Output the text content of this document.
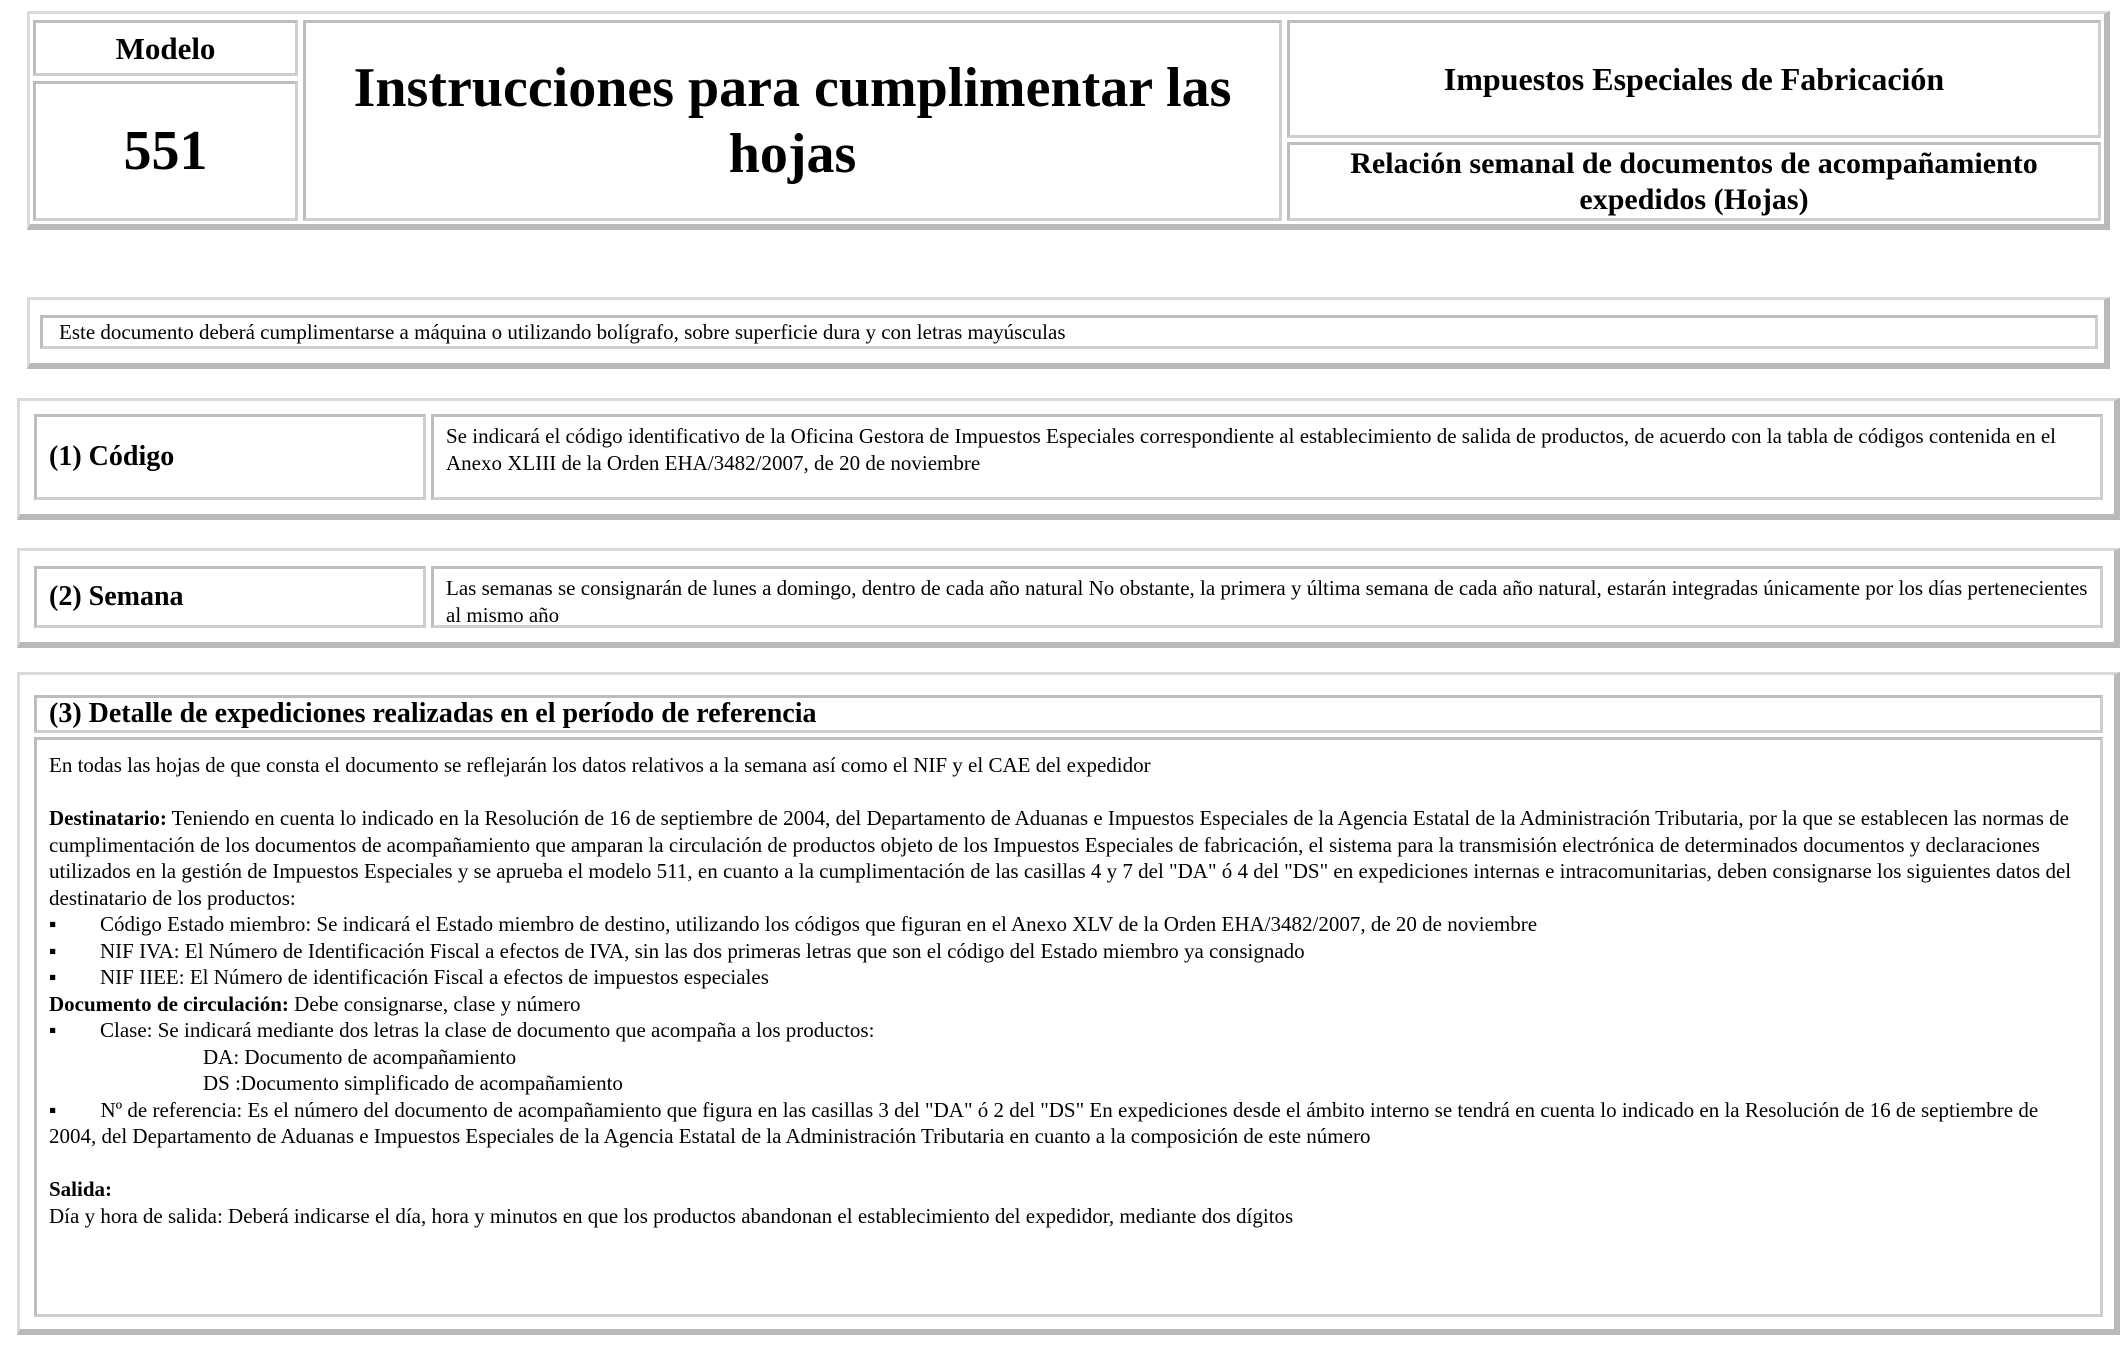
Modelo
551
Instrucciones para cumplimentar las hojas
Impuestos Especiales de Fabricación
Relación semanal de documentos de acompañamiento expedidos (Hojas)
Este documento deberá cumplimentarse a máquina o utilizando bolígrafo, sobre superficie dura y con letras mayúsculas
(1) Código
Se indicará el código identificativo de la Oficina Gestora de Impuestos Especiales correspondiente al establecimiento de salida de productos, de acuerdo con la tabla de códigos contenida en el Anexo XLIII de la Orden EHA/3482/2007, de 20 de noviembre
(2) Semana	Las semanas se consignarán de lunes a domingo, dentro de cada año natural No obstante, la primera y última semana de cada año natural, estarán integradas únicamente por los días pertenecientes al mismo año
(3) Detalle de expediciones realizadas en el período de referencia

En todas las hojas de que consta el documento se reflejarán los datos relativos a la semana así como el NIF y el CAE del expedidor

Destinatario: Teniendo en cuenta lo indicado en la Resolución de 16 de septiembre de 2004, del Departamento de Aduanas e Impuestos Especiales de la Agencia Estatal de la Administración Tributaria, por la que se establecen las normas de cumplimentación de los documentos de acompañamiento que amparan la circulación de productos objeto de los Impuestos Especiales de fabricación, el sistema para la transmisión electrónica de determinados documentos y declaraciones utilizados en la gestión de Impuestos Especiales y se aprueba el modelo 511, en cuanto a la cumplimentación de las casillas 4 y 7 del "DA" ó 4 del "DS" en expediciones internas e intracomunitarias, deben consignarse los siguientes datos del destinatario de los productos:

▪ Código Estado miembro: Se indicará el Estado miembro de destino, utilizando los códigos que figuran en el Anexo XLV de la Orden EHA/3482/2007, de 20 de noviembre

▪ NIF IVA: El Número de Identificación Fiscal a efectos de IVA, sin las dos primeras letras que son el código del Estado miembro ya consignado

▪ NIF IIEE: El Número de identificación Fiscal a efectos de impuestos especiales

Documento de circulación: Debe consignarse, clase y número

▪ Clase: Se indicará mediante dos letras la clase de documento que acompaña a los productos:

DA: Documento de acompañamiento

DS :Documento simplificado de acompañamiento

▪ Nº de referencia: Es el número del documento de acompañamiento que figura en las casillas 3 del "DA" ó 2 del "DS" En expediciones desde el ámbito interno se tendrá en cuenta lo indicado en la Resolución de 16 de septiembre de 2004, del Departamento de Aduanas e Impuestos Especiales de la Agencia Estatal de la Administración Tributaria en cuanto a la composición de este número

Salida:

Día y hora de salida: Deberá indicarse el día, hora y minutos en que los productos abandonan el establecimiento del expedidor, mediante dos dígitos
